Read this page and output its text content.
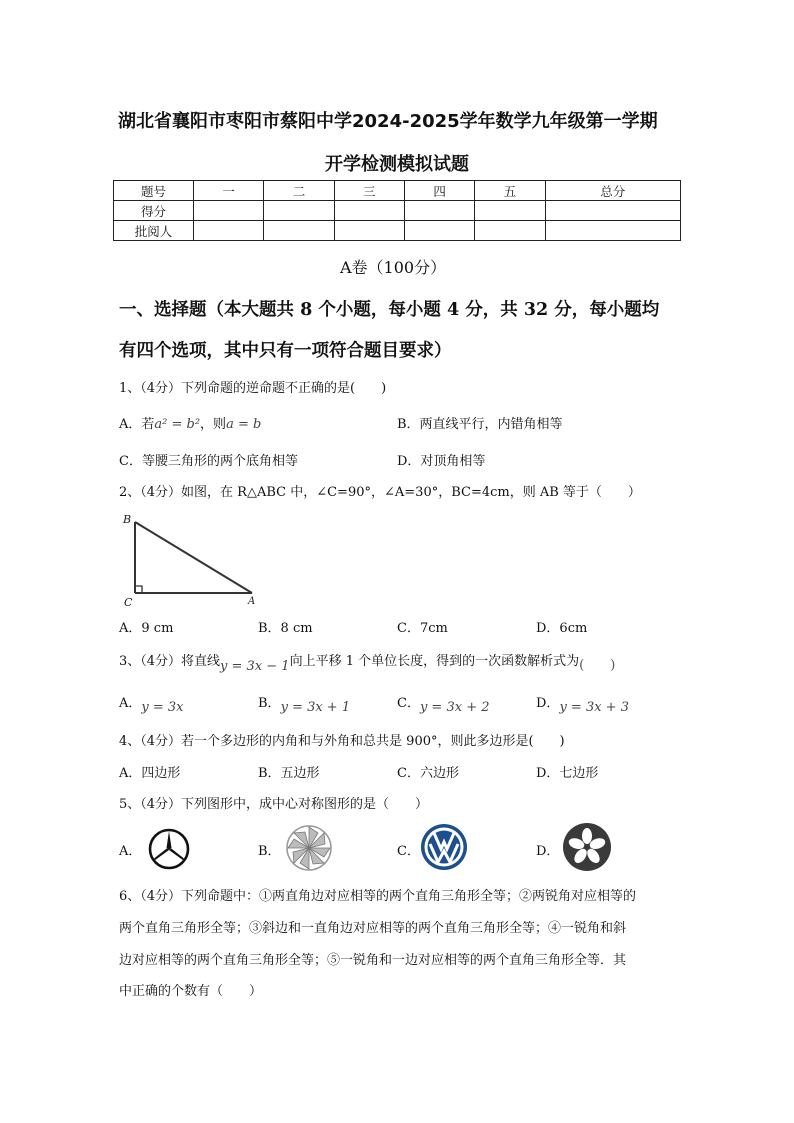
湖北省襄阳市枣阳市蔡阳中学2024-2025学年数学九年级第一学期
开学检测模拟试题
题号	一	二	三	四	五	总分
得分						
批阅人						
A卷（100分）
一、选择题（本大题共 8 个小题，每小题 4 分，共 32 分，每小题均
有四个选项，其中只有一项符合题目要求）
1、（4分）下列命题的逆命题不正确的是(　　)
A．若a² = b²，则a = b	B．两直线平行，内错角相等
C．等腰三角形的两个底角相等	D．对顶角相等
2、（4分）如图，在 R△ABC 中，∠C=90°，∠A=30°，BC=4cm，则 AB 等于（　　）
B
C	A
A．9 cm	B．8 cm	C．7cm	D．6cm
3、（4分）将直线y = 3x − 1向上平移 1 个单位长度，得到的一次函数解析式为(　　)
A．y = 3x	B．y = 3x + 1	C．y = 3x + 2	D．y = 3x + 3
4、（4分）若一个多边形的内角和与外角和总共是 900°，则此多边形是(　　)
A．四边形	B．五边形	C．六边形	D．七边形
5、（4分）下列图形中，成中心对称图形的是（　　）
A．	B．	C．	D．
6、（4分）下列命题中：①两直角边对应相等的两个直角三角形全等；②两锐角对应相等的
两个直角三角形全等；③斜边和一直角边对应相等的两个直角三角形全等；④一锐角和斜
边对应相等的两个直角三角形全等；⑤一锐角和一边对应相等的两个直角三角形全等．其
中正确的个数有（　　）
